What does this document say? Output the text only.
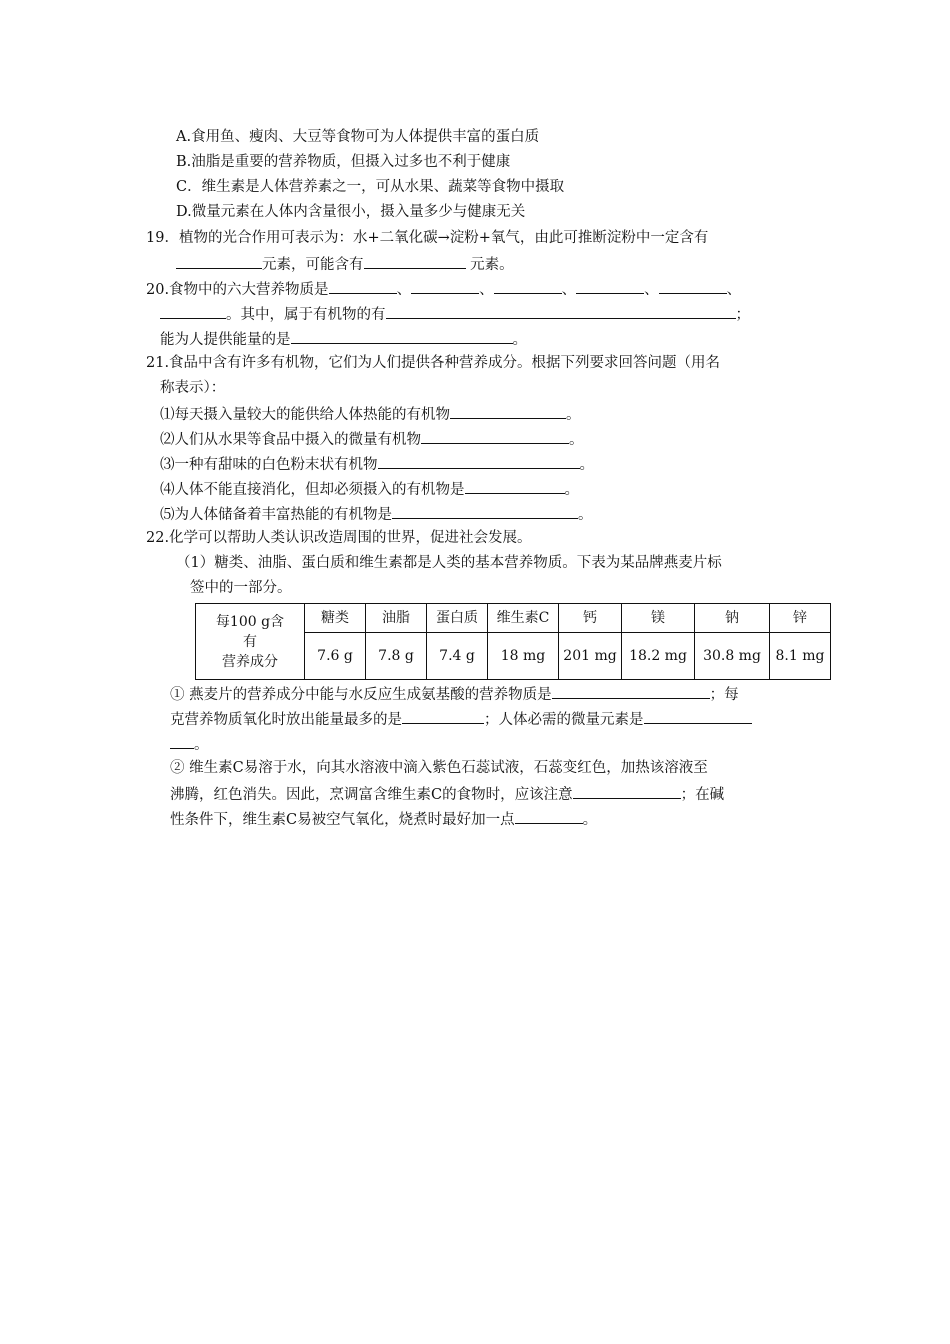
A.食用鱼、瘦肉、大豆等食物可为人体提供丰富的蛋白质
B.油脂是重要的营养物质，但摄入过多也不利于健康
C．维生素是人体营养素之一，可从水果、蔬菜等食物中摄取
D.微量元素在人体内含量很小，摄入量多少与健康无关
19．植物的光合作用可表示为：水+二氧化碳→淀粉+氧气，由此可推断淀粉中一定含有
元素，可能含有	元素。
20.食物中的六大营养物质是	、	、	、	、	、
。其中，属于有机物的有	；
能为人提供能量的是	。
21.食品中含有许多有机物，它们为人们提供各种营养成分。根据下列要求回答问题（用名
称表示）：
⑴每天摄入量较大的能供给人体热能的有机物	。
⑵人们从水果等食品中摄入的微量有机物	。
⑶一种有甜味的白色粉末状有机物	。
⑷人体不能直接消化，但却必须摄入的有机物是	。
⑸为人体储备着丰富热能的有机物是	。
22.化学可以帮助人类认识改造周围的世界，促进社会发展。
（1）糖类、油脂、蛋白质和维生素都是人类的基本营养物质。下表为某品牌燕麦片标
签中的一部分。
每100 g含
有
营养成分	糖类	油脂	蛋白质	维生素C	钙	镁	钠	锌
	7.6 g	7.8 g	7.4 g	18 mg	201 mg	18.2 mg	30.8 mg	8.1 mg
① 燕麦片的营养成分中能与水反应生成氨基酸的营养物质是	；每
克营养物质氧化时放出能量最多的是	；人体必需的微量元素是
。
② 维生素C易溶于水，向其水溶液中滴入紫色石蕊试液，石蕊变红色，加热该溶液至
沸腾，红色消失。因此，烹调富含维生素C的食物时，应该注意	；在碱
性条件下，维生素C易被空气氧化，烧煮时最好加一点	。
